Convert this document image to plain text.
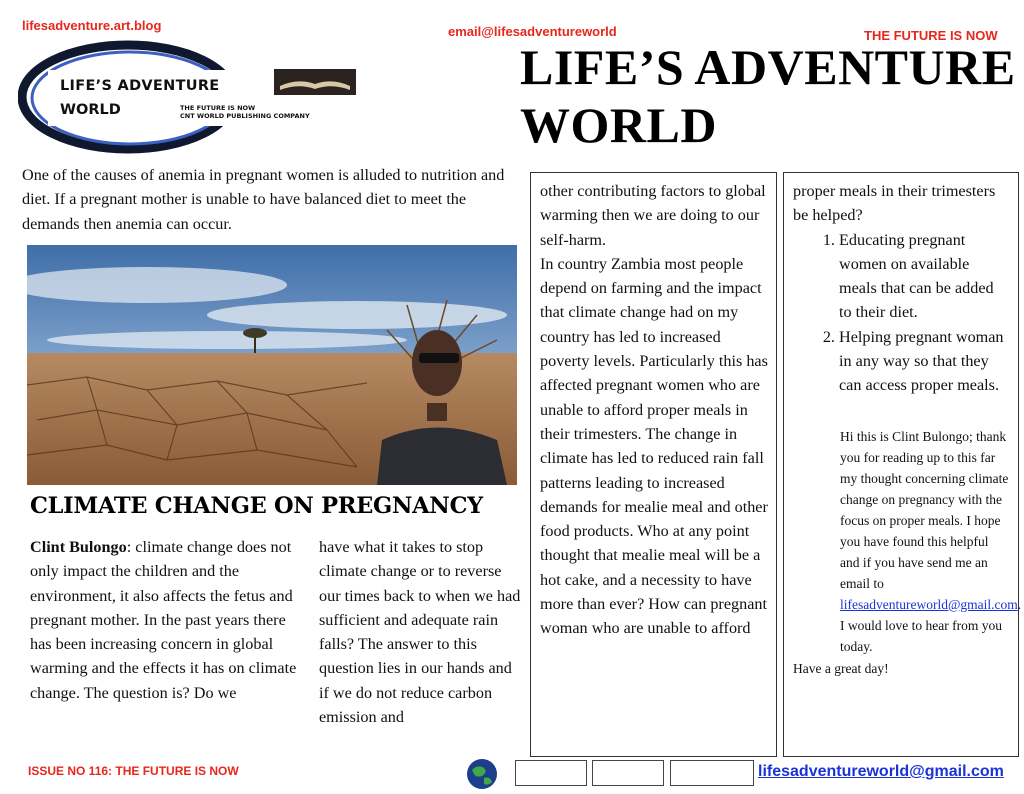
lifesadventure.art.blog	email@lifesadventureworld	THE FUTURE IS NOW
LIFE’S ADVENTURE
WORLD	THE FUTURE IS NOW
CNT WORLD PUBLISHING COMPANY
LIFE’S ADVENTURE WORLD
One of the causes of anemia in pregnant women is alluded to nutrition and diet. If a pregnant mother is unable to have balanced diet to meet the demands then anemia can occur.
CLIMATE CHANGE ON PREGNANCY
Clint Bulongo: climate change does not only impact the children and the environment, it also affects the fetus and pregnant mother. In the past years there has been increasing concern in global warming and the effects it has on climate change. The question is? Do we
have what it takes to stop climate change or to reverse our times back to when we had sufficient and adequate rain falls? The answer to this question lies in our hands and if we do not reduce carbon emission and

other contributing factors to global warming then we are doing to our self-harm.

In country Zambia most people depend on farming and the impact that climate change had on my country has led to increased poverty levels. Particularly this has affected pregnant women who are unable to afford proper meals in their trimesters. The change in climate has led to reduced rain fall patterns leading to increased demands for mealie meal and other food products. Who at any point thought that mealie meal will be a hot cake, and a necessity to have more than ever? How can pregnant woman who are unable to afford

proper meals in their trimesters be helped?

1. Educating pregnant women on available meals that can be added to their diet.
2. Helping pregnant woman in any way so that they can access proper meals.
Hi this is Clint Bulongo; thank you for reading up to this far my thought concerning climate change on pregnancy with the focus on proper meals. I hope you have found this helpful and if you have send me an email to lifesadventureworld@gmail.com. I would love to hear from you today.
Have a great day!
ISSUE NO 116: THE FUTURE IS NOW	lifesadventureworld@gmail.com
